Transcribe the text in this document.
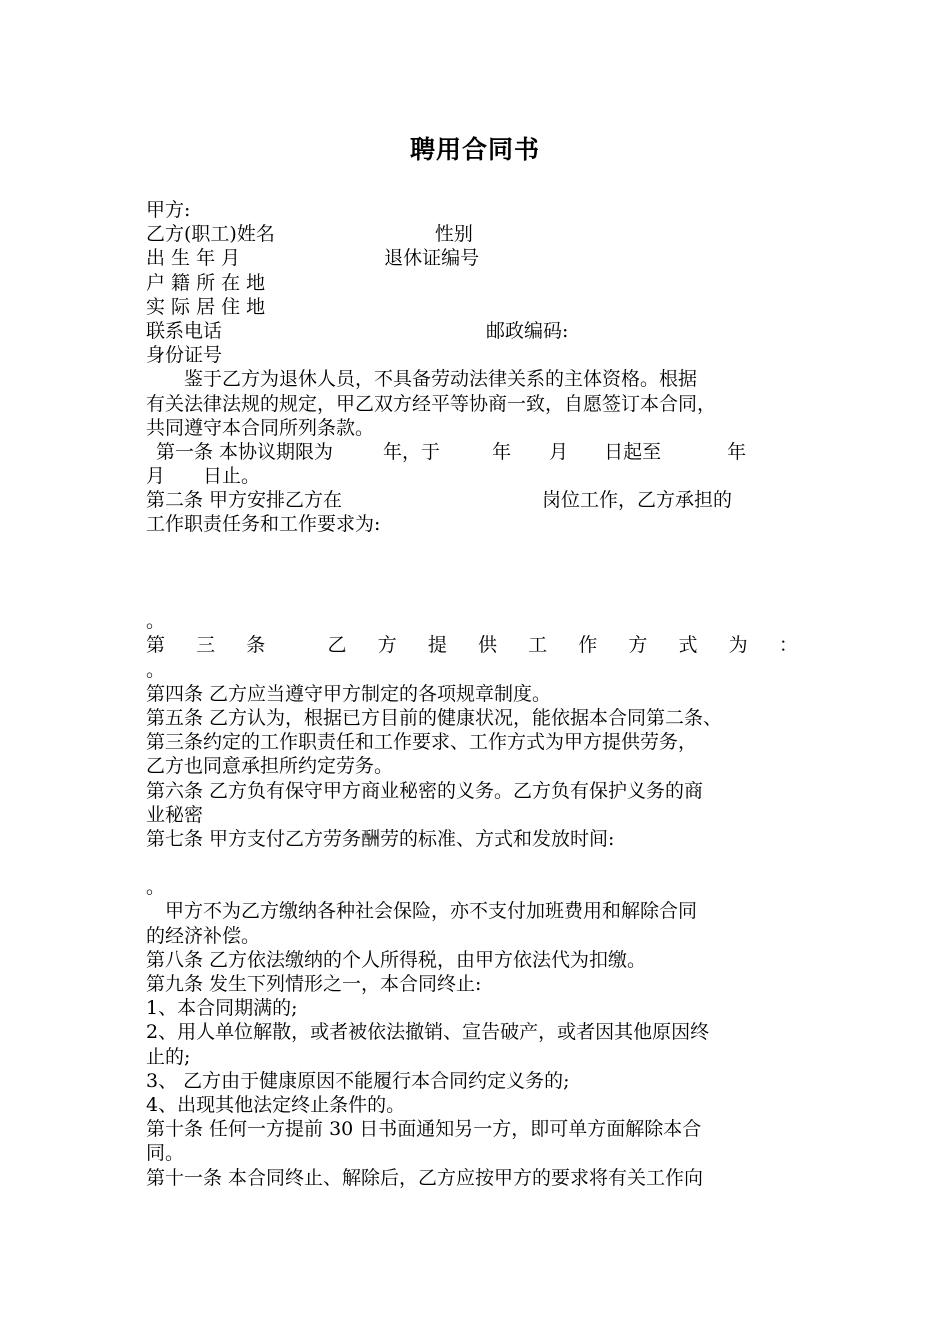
聘用合同书
甲方:
乙方(职工)姓名	性别
出 生 年 月	退休证编号
户 籍 所 在 地
实 际 居 住 地
联系电话	邮政编码:
身份证号
　　鉴于乙方为退休人员，不具备劳动法律关系的主体资格。根据
有关法律法规的规定，甲乙双方经平等协商一致，自愿签订本合同，
共同遵守本合同所列条款。
第一条 本协议期限为	年，于	年 月 日起至	年
月 日止。
第二条 甲方安排乙方在	岗位工作，乙方承担的
工作职责任务和工作要求为:
。
第 三 条	乙 方 提 供 工 作 方 式 为 ：
。
第四条 乙方应当遵守甲方制定的各项规章制度。
第五条 乙方认为，根据已方目前的健康状况，能依据本合同第二条、
第三条约定的工作职责任和工作要求、工作方式为甲方提供劳务，
乙方也同意承担所约定劳务。
第六条 乙方负有保守甲方商业秘密的义务。乙方负有保护义务的商
业秘密
第七条 甲方支付乙方劳务酬劳的标准、方式和发放时间:
。
　甲方不为乙方缴纳各种社会保险，亦不支付加班费用和解除合同
的经济补偿。
第八条 乙方依法缴纳的个人所得税，由甲方依法代为扣缴。
第九条 发生下列情形之一，本合同终止:
1、本合同期满的;
2、用人单位解散，或者被依法撤销、宣告破产，或者因其他原因终
止的;
3、 乙方由于健康原因不能履行本合同约定义务的;
4、出现其他法定终止条件的。
第十条 任何一方提前 30 日书面通知另一方，即可单方面解除本合
同。
第十一条 本合同终止、解除后，乙方应按甲方的要求将有关工作向
